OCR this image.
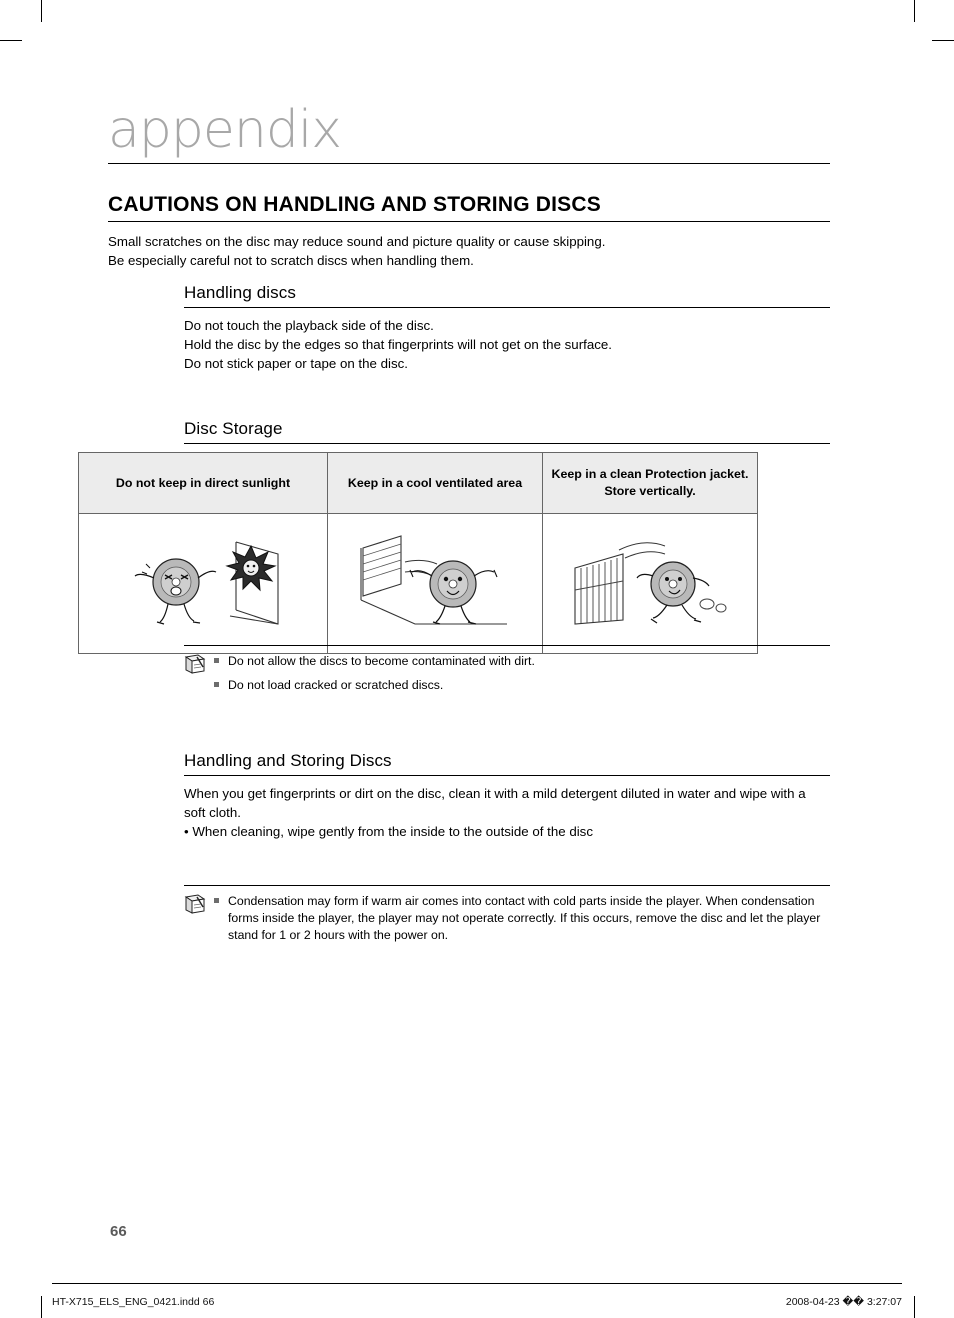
appendix
CAUTIONS ON HANDLING AND STORING DISCS
Small scratches on the disc may reduce sound and picture quality or cause skipping.
Be especially careful not to scratch discs when handling them.
Handling discs

Do not touch the playback side of the disc.

Hold the disc by the edges so that fingerprints will not get on the surface.

Do not stick paper or tape on the disc.

Disc Storage
Do not keep in direct sunlight	Keep in a cool ventilated area	Keep in a clean Protection jacket. Store vertically.

Do not allow the discs to become contaminated with dirt.
Do not load cracked or scratched discs.
Handling and Storing Discs

When you get fingerprints or dirt on the disc, clean it with a mild detergent diluted in water and wipe with a soft cloth.

• When cleaning, wipe gently from the inside to the outside of the disc

Condensation may form if warm air comes into contact with cold parts inside the player. When condensation forms inside the player, the player may not operate correctly. If this occurs, remove the disc and let the player stand for 1 or 2 hours with the power on.
66
HT-X715_ELS_ENG_0421.indd 66	2008-04-23 �� 3:27:07
